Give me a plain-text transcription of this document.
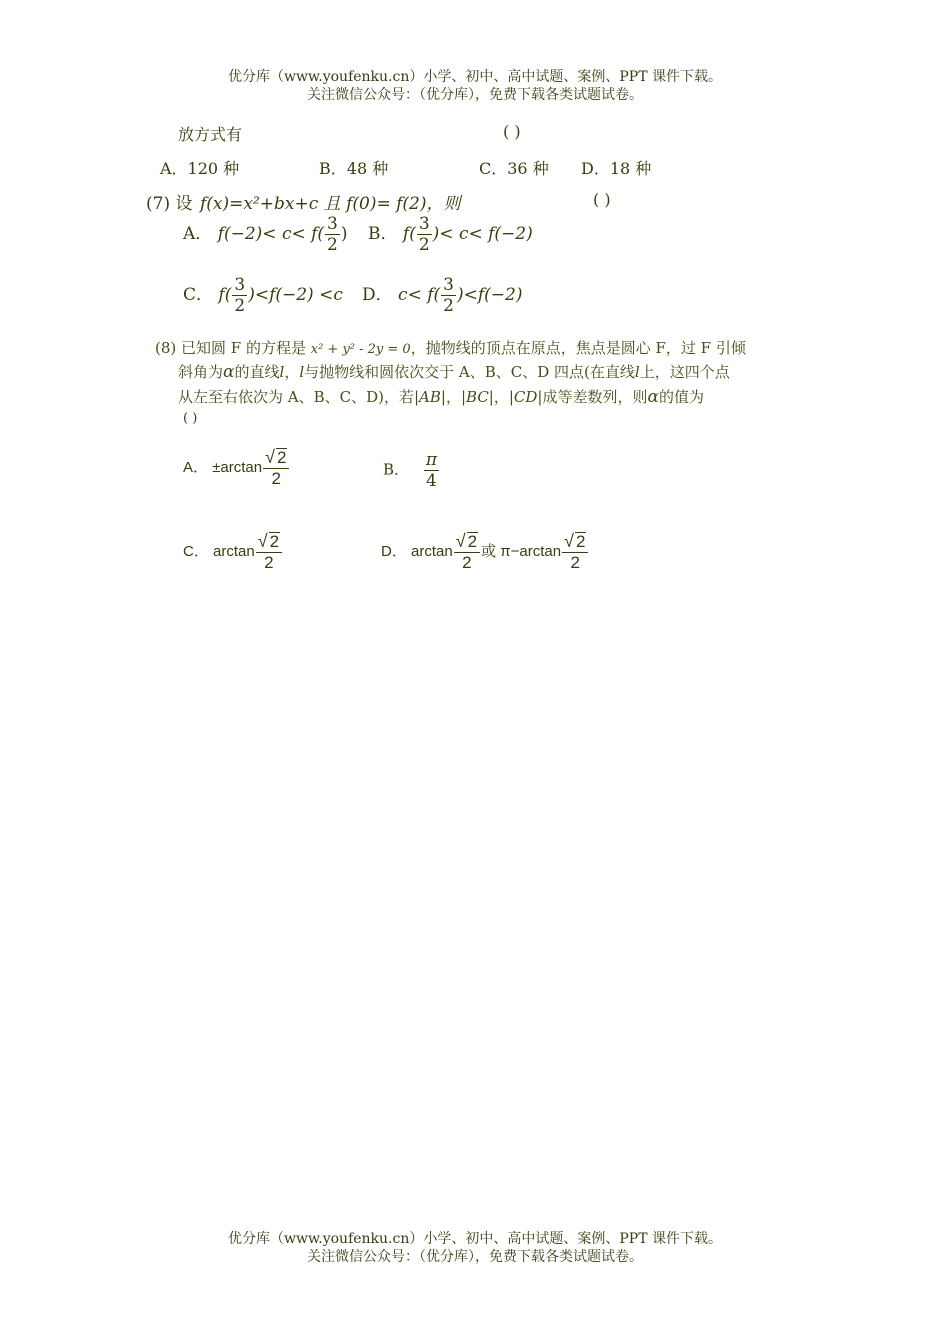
优分库（www.youfenku.cn）小学、初中、高中试题、案例、PPT 课件下载。
关注微信公众号：（优分库），免费下载各类试题试卷。
放方式有	( )
A．120 种	B．48 种	C．36 种 D．18 种
(7) 设 f(x)=x²+bx+c 且 f(0)= f(2)，则	( )
A． $f(-2)< c< f( \frac{3}{2}$ ) B． $f( \frac{3}{2}$ )< c< f(−2)
C． $f( \frac{3}{2} )<f(-2) <c$ D． $c< f( \frac{3}{2} )<f(-2)$
(8) 已知圆 F 的方程是 x² + y² - 2y = 0，抛物线的顶点在原点，焦点是圆心 F，过 F 引倾
斜角为α的直线l，l与抛物线和圆依次交于 A、B、C、D 四点(在直线l上，这四个点
从左至右依次为 A、B、C、D)，若|AB|，|BC|，|CD|成等差数列，则α的值为
( )
A． $\pm\arctan \frac{√ 2}{2}$	B． $\frac{\pi}{4}$
C． $\arctan \frac{√ 2}{2}$	D． $\arctan \frac{√ 2}{2}$ 或 $\pi-\arctan \frac{√ 2}{2}$
优分库（www.youfenku.cn）小学、初中、高中试题、案例、PPT 课件下载。
关注微信公众号：（优分库），免费下载各类试题试卷。
